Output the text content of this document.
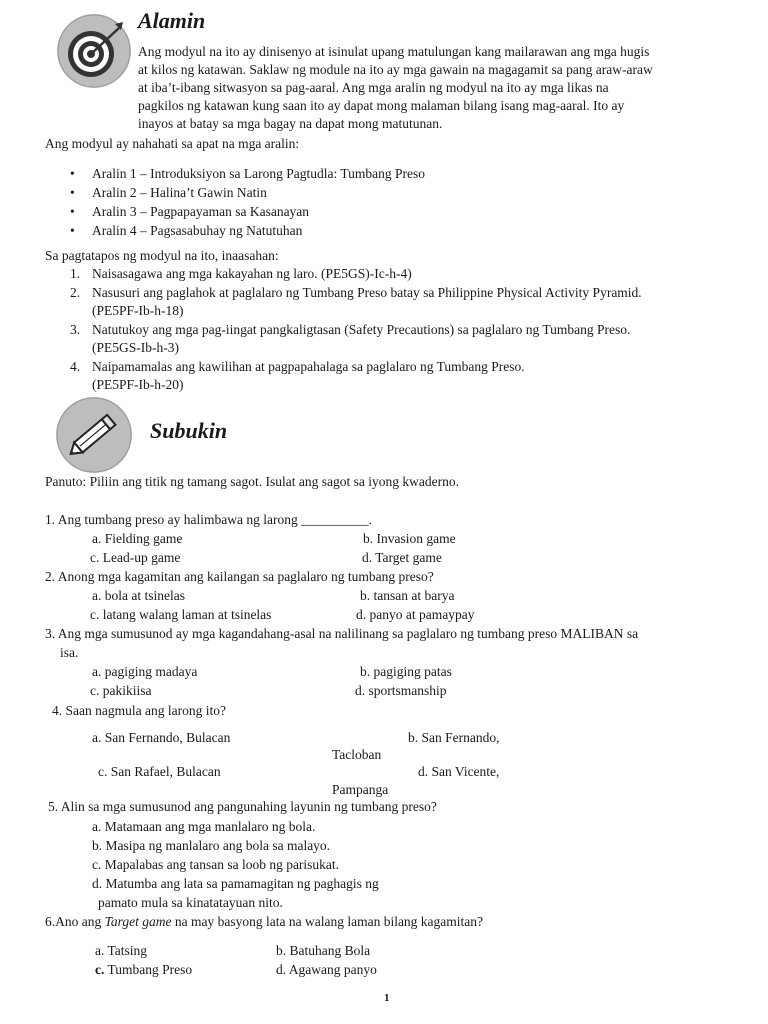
Alamin
Ang modyul na ito ay dinisenyo at isinulat upang matulungan kang mailarawan ang mga hugis
at kilos ng katawan. Saklaw ng module na ito ay mga gawain na magagamit sa pang araw-araw
at iba’t-ibang sitwasyon sa pag-aaral. Ang mga aralin ng modyul na ito ay mga likas na
pagkilos ng katawan kung saan ito ay dapat mong malaman bilang isang mag-aaral. Ito ay
inayos at batay sa mga bagay na dapat mong matutunan.
Ang modyul ay nahahati sa apat na mga aralin:
• Aralin 1 – Introduksiyon sa Larong Pagtudla: Tumbang Preso
• Aralin 2 – Halina’t Gawin Natin
• Aralin 3 – Pagpapayaman sa Kasanayan
• Aralin 4 – Pagsasabuhay ng Natutuhan
Sa pagtatapos ng modyul na ito, inaasahan:
1. Naisasagawa ang mga kakayahan ng laro. (PE5GS)-Ic-h-4)
2. Nasusuri ang paglahok at paglalaro ng Tumbang Preso batay sa Philippine Physical Activity Pyramid.
(PE5PF-Ib-h-18)
3. Natutukoy ang mga pag-iingat pangkaligtasan (Safety Precautions) sa paglalaro ng Tumbang Preso.
(PE5GS-Ib-h-3)
4. Naipamamalas ang kawilihan at pagpapahalaga sa paglalaro ng Tumbang Preso.
(PE5PF-Ib-h-20)
Subukin
Panuto: Piliin ang titik ng tamang sagot. Isulat ang sagot sa iyong kwaderno.
1. Ang tumbang preso ay halimbawa ng larong __________.
a. Fielding game	b. Invasion game
c. Lead-up game	d. Target game
2. Anong mga kagamitan ang kailangan sa paglalaro ng tumbang preso?
a. bola at tsinelas	b. tansan at barya
c. latang walang laman at tsinelas	d. panyo at pamaypay
3. Ang mga sumusunod ay mga kagandahang-asal na nalilinang sa paglalaro ng tumbang preso MALIBAN sa
isa.
a. pagiging madaya	b. pagiging patas
c. pakikiisa	d. sportsmanship
4. Saan nagmula ang larong ito?
a. San Fernando, Bulacan	b. San Fernando,
Tacloban
c. San Rafael, Bulacan	d. San Vicente,
Pampanga
5. Alin sa mga sumusunod ang pangunahing layunin ng tumbang preso?
a. Matamaan ang mga manlalaro ng bola.
b. Masipa ng manlalaro ang bola sa malayo.
c. Mapalabas ang tansan sa loob ng parisukat.
d. Matumba ang lata sa pamamagitan ng paghagis ng
pamato mula sa kinatatayuan nito.
6.Ano ang Target game na may basyong lata na walang laman bilang kagamitan?
a. Tatsing	b. Batuhang Bola
c. Tumbang Preso	d. Agawang panyo
1
